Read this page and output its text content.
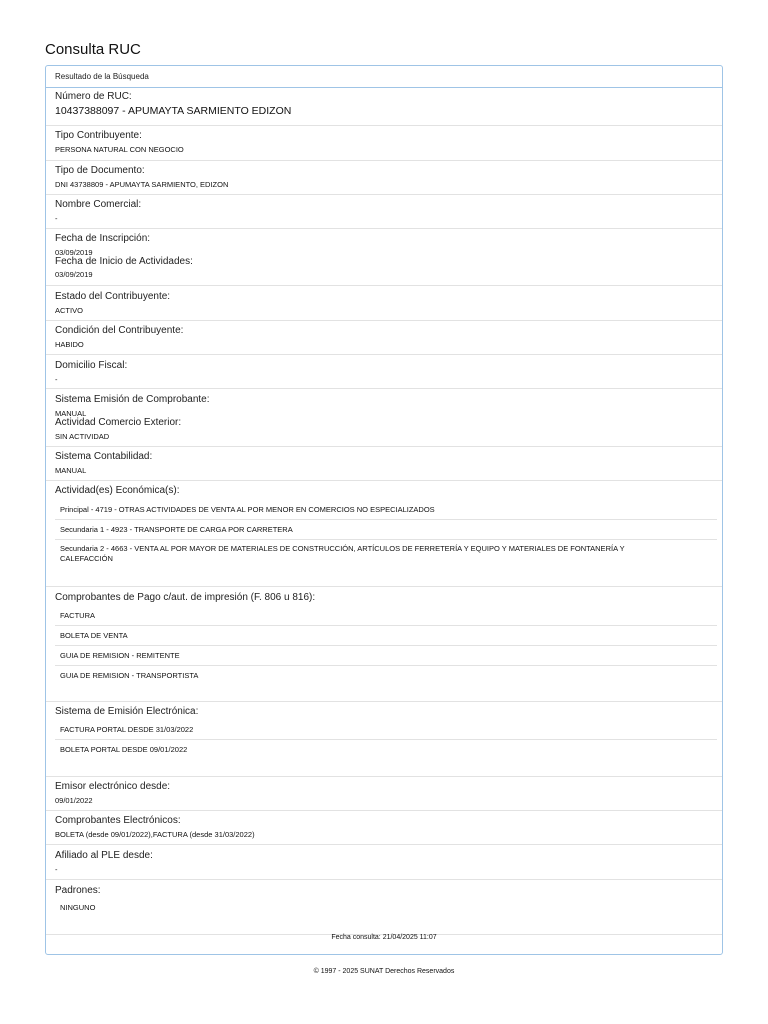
Consulta RUC
Resultado de la Búsqueda
Número de RUC:
10437388097 - APUMAYTA SARMIENTO EDIZON
Tipo Contribuyente:
PERSONA NATURAL CON NEGOCIO
Tipo de Documento:
DNI 43738809 - APUMAYTA SARMIENTO, EDIZON
Nombre Comercial:
-
Fecha de Inscripción:
03/09/2019
Fecha de Inicio de Actividades:
03/09/2019
Estado del Contribuyente:
ACTIVO
Condición del Contribuyente:
HABIDO
Domicilio Fiscal:
-
Sistema Emisión de Comprobante:
MANUAL
Actividad Comercio Exterior:
SIN ACTIVIDAD
Sistema Contabilidad:
MANUAL
Actividad(es) Económica(s):
Principal - 4719 - OTRAS ACTIVIDADES DE VENTA AL POR MENOR EN COMERCIOS NO ESPECIALIZADOS
Secundaria 1 - 4923 - TRANSPORTE DE CARGA POR CARRETERA
Secundaria 2 - 4663 - VENTA AL POR MAYOR DE MATERIALES DE CONSTRUCCIÓN, ARTÍCULOS DE FERRETERÍA Y EQUIPO Y MATERIALES DE FONTANERÍA Y
CALEFACCIÓN
Comprobantes de Pago c/aut. de impresión (F. 806 u 816):
FACTURA
BOLETA DE VENTA
GUIA DE REMISION - REMITENTE
GUIA DE REMISION - TRANSPORTISTA
Sistema de Emisión Electrónica:
FACTURA PORTAL DESDE 31/03/2022
BOLETA PORTAL DESDE 09/01/2022
Emisor electrónico desde:
09/01/2022
Comprobantes Electrónicos:
BOLETA (desde 09/01/2022),FACTURA (desde 31/03/2022)
Afiliado al PLE desde:
-
Padrones:
NINGUNO
Fecha consulta: 21/04/2025 11:07
© 1997 - 2025 SUNAT Derechos Reservados
